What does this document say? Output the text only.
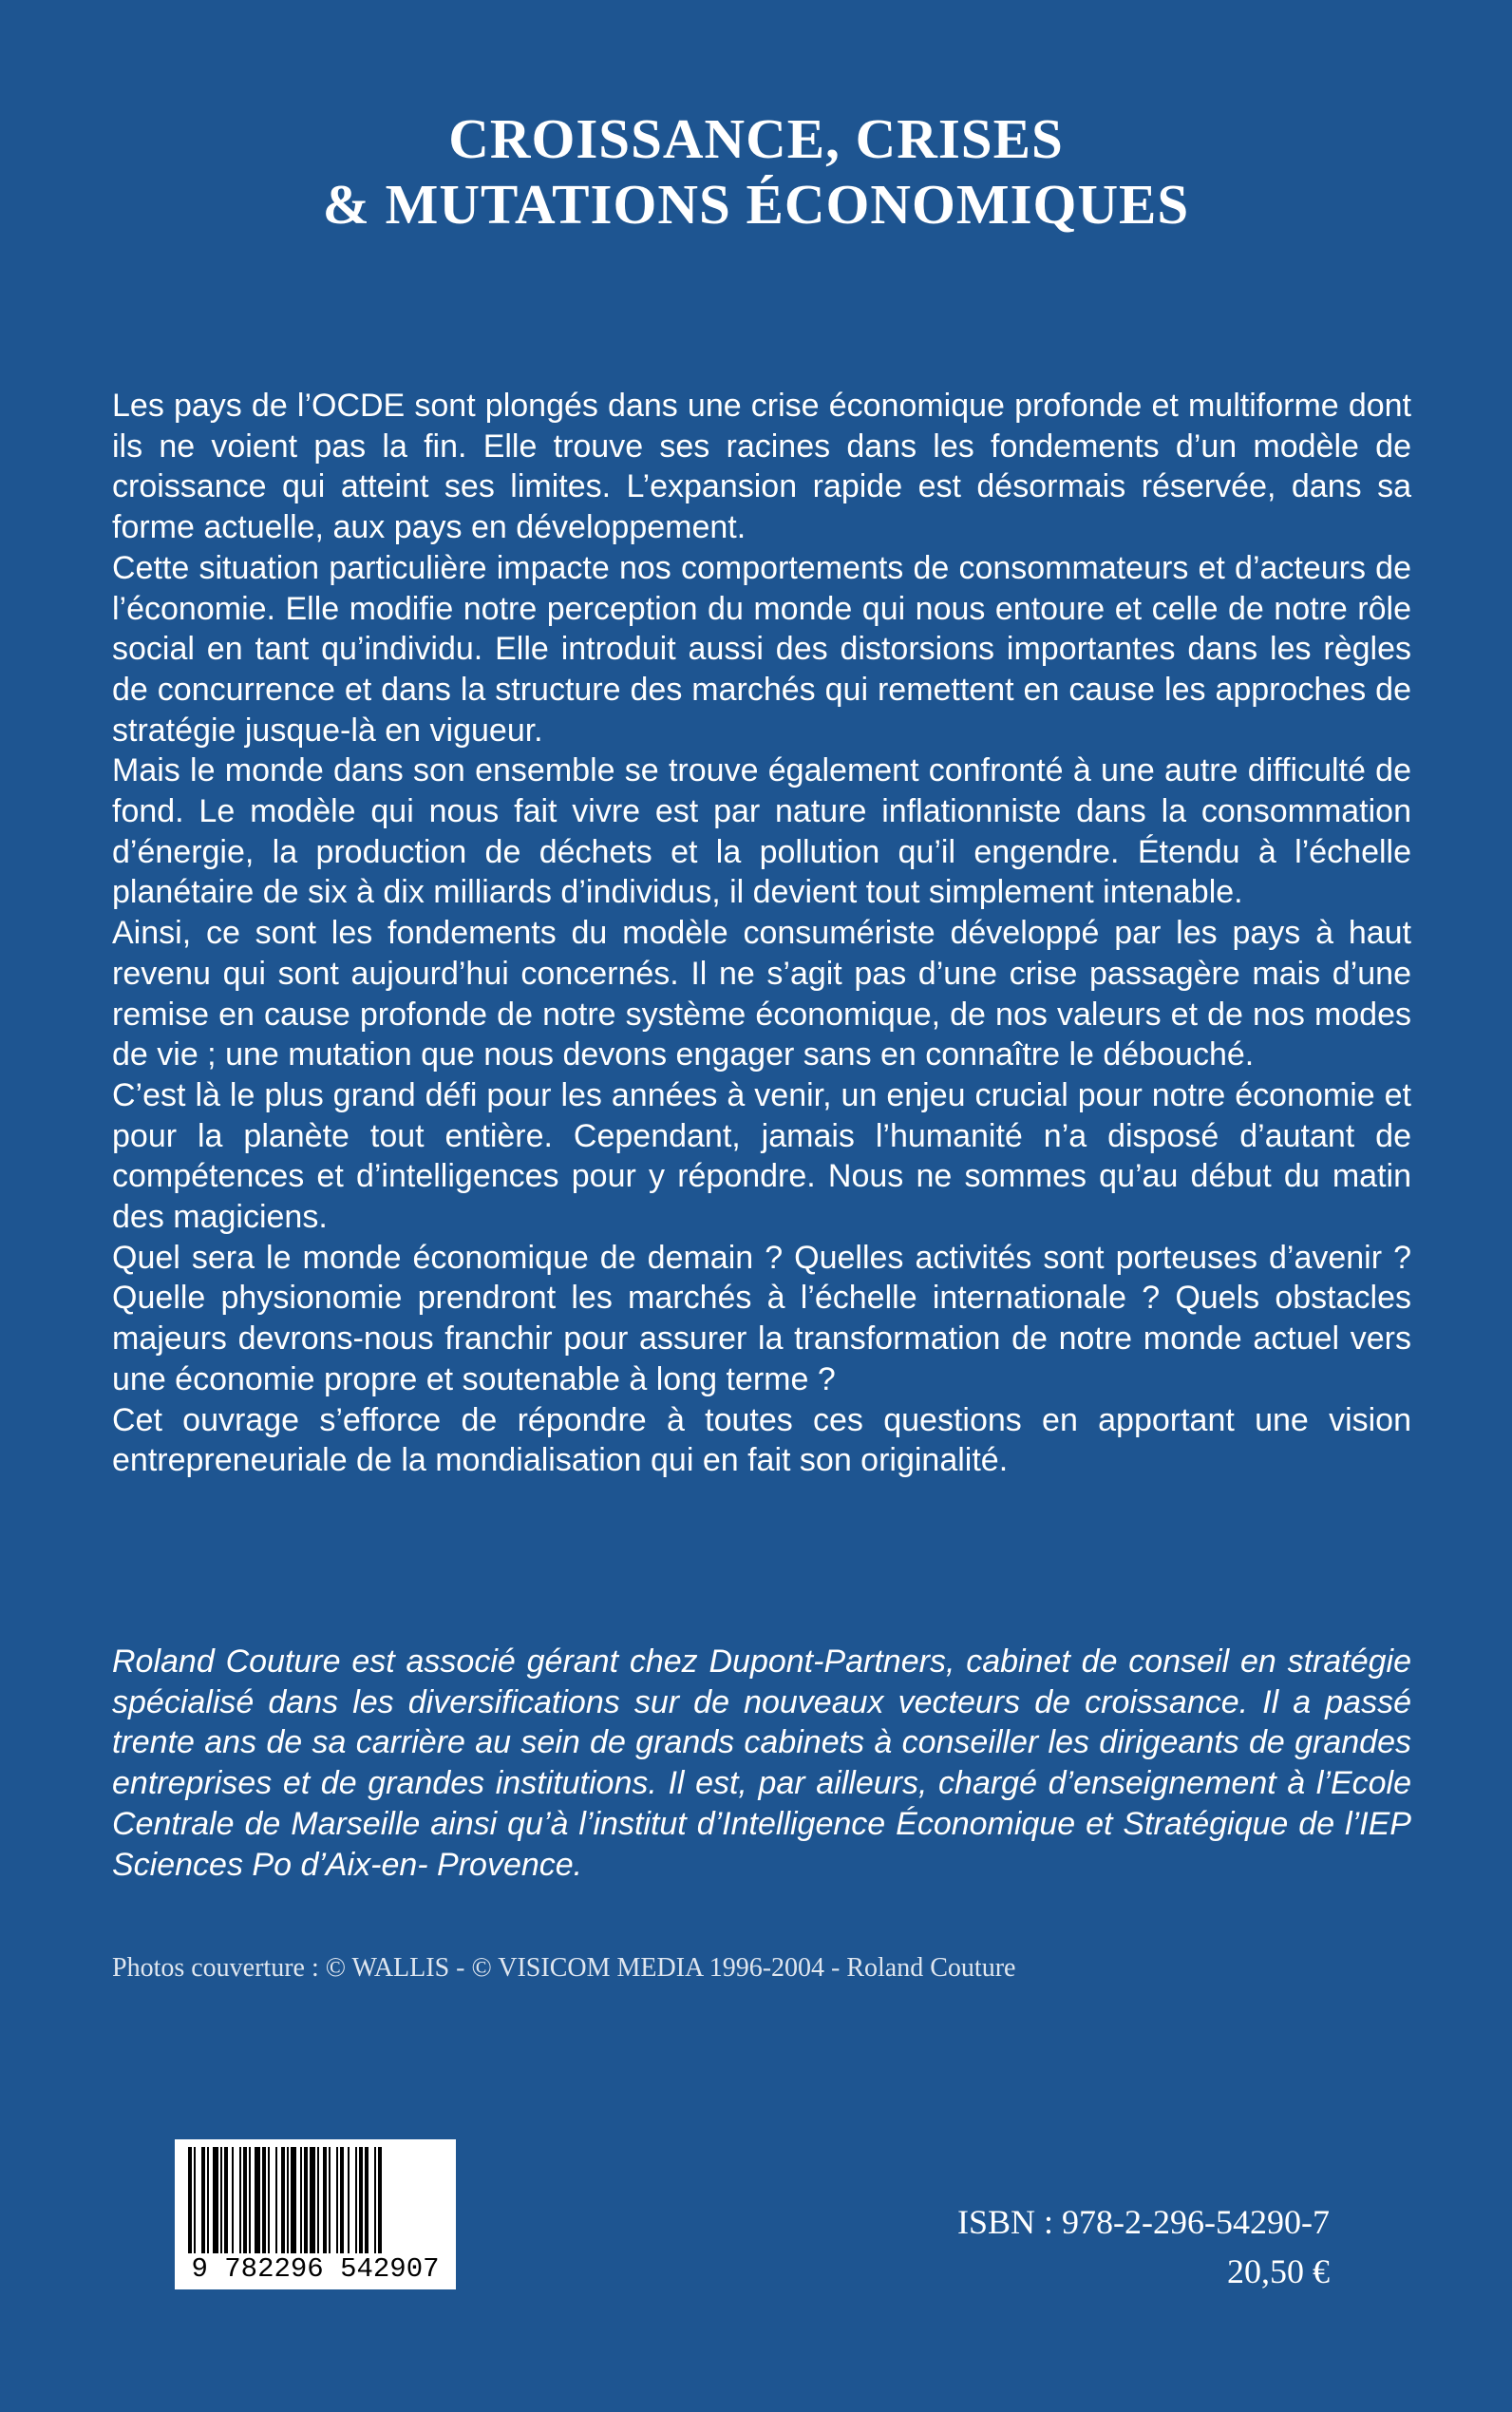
CROISSANCE, CRISES
& MUTATIONS ÉCONOMIQUES

Les pays de l’OCDE sont plongés dans une crise économique profonde et multiforme dont ils ne voient pas la fin. Elle trouve ses racines dans les fondements d’un modèle de croissance qui atteint ses limites. L’expansion rapide est désormais réservée, dans sa forme actuelle, aux pays en développement.

Cette situation particulière impacte nos comportements de consommateurs et d’acteurs de l’économie. Elle modifie notre perception du monde qui nous entoure et celle de notre rôle social en tant qu’individu. Elle introduit aussi des distorsions importantes dans les règles de concurrence et dans la structure des marchés qui remettent en cause les approches de stratégie jusque-là en vigueur.

Mais le monde dans son ensemble se trouve également confronté à une autre difficulté de fond. Le modèle qui nous fait vivre est par nature inflationniste dans la consommation d’énergie, la production de déchets et la pollution qu’il engendre. Étendu à l’échelle planétaire de six à dix milliards d’individus, il devient tout simplement intenable.

Ainsi, ce sont les fondements du modèle consumériste développé par les pays à haut revenu qui sont aujourd’hui concernés. Il ne s’agit pas d’une crise passagère mais d’une remise en cause profonde de notre système économique, de nos valeurs et de nos modes de vie ; une mutation que nous devons engager sans en connaître le débouché.

C’est là le plus grand défi pour les années à venir, un enjeu crucial pour notre économie et pour la planète tout entière. Cependant, jamais l’humanité n’a disposé d’autant de compétences et d’intelligences pour y répondre. Nous ne sommes qu’au début du matin des magiciens.

Quel sera le monde économique de demain ? Quelles activités sont porteuses d’avenir ? Quelle physionomie prendront les marchés à l’échelle internationale ? Quels obstacles majeurs devrons-nous franchir pour assurer la transformation de notre monde actuel vers une économie propre et soutenable à long terme ?

Cet ouvrage s’efforce de répondre à toutes ces questions en apportant une vision entrepreneuriale de la mondialisation qui en fait son originalité.

Roland Couture est associé gérant chez Dupont-Partners, cabinet de conseil en stratégie spécialisé dans les diversifications sur de nouveaux vecteurs de croissance. Il a passé trente ans de sa carrière au sein de grands cabinets à conseiller les dirigeants de grandes entreprises et de grandes institutions. Il est, par ailleurs, chargé d’enseignement à l’Ecole Centrale de Marseille ainsi qu’à l’institut d’Intelligence Économique et Stratégique de l’IEP Sciences Po d’Aix-en- Provence.
Photos couverture : © WALLIS - © VISICOM MEDIA 1996-2004 - Roland Couture
9 782296 542907
ISBN : 978-2-296-54290-7
20,50 €
